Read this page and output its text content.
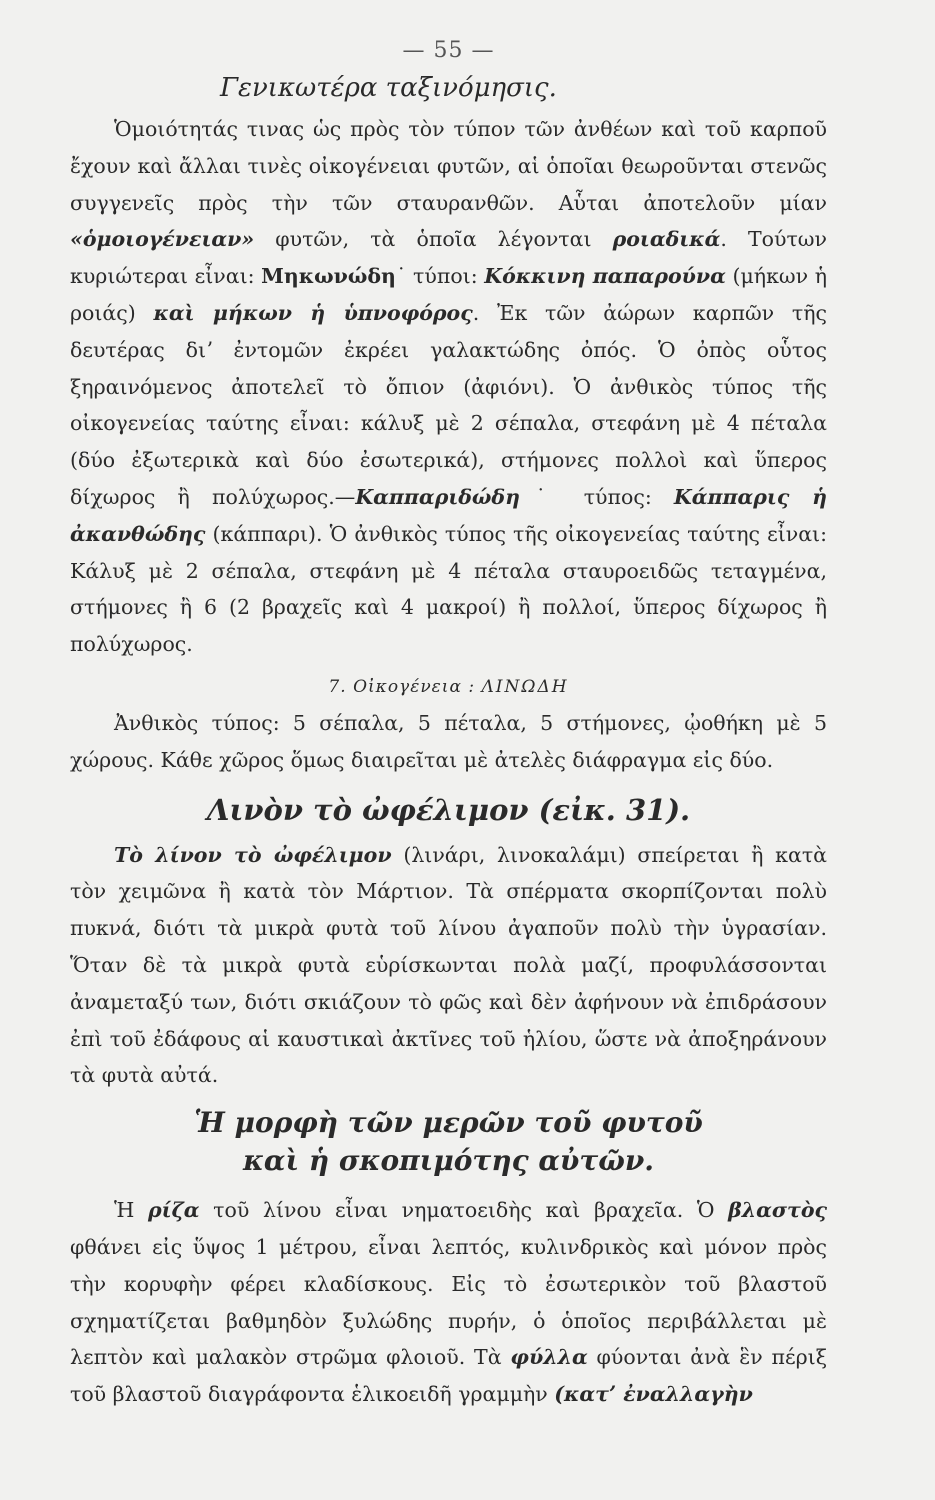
— 55 —
Γενικωτέρα ταξινόμησις.

Ὁμοιότητάς τινας ὡς πρὸς τὸν τύπον τῶν ἀνθέων καὶ τοῦ καρποῦ ἔχουν καὶ ἄλλαι τινὲς οἰκογένειαι φυτῶν, αἱ ὁποῖαι θεωροῦνται στενῶς συγγενεῖς πρὸς τὴν τῶν σταυρανθῶν. Αὗται ἀποτελοῦν μίαν «ὁμοιογένειαν» φυτῶν, τὰ ὁποῖα λέγονται ροιαδικά. Τούτων κυριώτεραι εἶναι: Μηκωνώδη˙ τύποι: Κόκκινη παπαρούνα (μήκων ἡ ροιάς) καὶ μήκων ἡ ὑπνοφόρος. Ἐκ τῶν ἀώρων καρπῶν τῆς δευτέρας διʼ ἐντομῶν ἐκρέει γαλακτώδης ὀπός. Ὁ ὀπὸς οὗτος ξηραινόμενος ἀποτελεῖ τὸ ὄπιον (ἀφιόνι). Ὁ ἀνθικὸς τύπος τῆς οἰκογενείας ταύτης εἶναι: κάλυξ μὲ 2 σέπαλα, στεφάνη μὲ 4 πέταλα (δύο ἐξωτερικὰ καὶ δύο ἐσωτερικά), στήμονες πολλοὶ καὶ ὕπερος δίχωρος ἢ πολύχωρος.—Καππαριδώδη˙ τύπος: Κάππαρις ἡ ἀκανθώδης (κάππαρι). Ὁ ἀνθικὸς τύπος τῆς οἰκογενείας ταύτης εἶναι: Κάλυξ μὲ 2 σέπαλα, στεφάνη μὲ 4 πέταλα σταυροειδῶς τεταγμένα, στήμονες ἢ 6 (2 βραχεῖς καὶ 4 μακροί) ἢ πολλοί, ὕπερος δίχωρος ἢ πολύχωρος.

7. Οἰκογένεια : ΛΙΝΩΔΗ

Ἀνθικὸς τύπος: 5 σέπαλα, 5 πέταλα, 5 στήμονες, ᾠοθήκη μὲ 5 χώρους. Κάθε χῶρος ὅμως διαιρεῖται μὲ ἀτελὲς διάφραγμα εἰς δύο.

Λινὸν τὸ ὠφέλιμον (εἰκ. 31).

Τὸ λίνον τὸ ὠφέλιμον (λινάρι, λινοκαλάμι) σπείρεται ἢ κατὰ τὸν χειμῶνα ἢ κατὰ τὸν Μάρτιον. Τὰ σπέρματα σκορπίζονται πολὺ πυκνά, διότι τὰ μικρὰ φυτὰ τοῦ λίνου ἀγαποῦν πολὺ τὴν ὑγρασίαν. Ὅταν δὲ τὰ μικρὰ φυτὰ εὑρίσκωνται πολὰ μαζί, προφυλάσσονται ἀναμεταξύ των, διότι σκιάζουν τὸ φῶς καὶ δὲν ἀφήνουν νὰ ἐπιδράσουν ἐπὶ τοῦ ἐδάφους αἱ καυστικαὶ ἀκτῖνες τοῦ ἡλίου, ὥστε νὰ ἀποξηράνουν τὰ φυτὰ αὐτά.

Ἡ μορφὴ τῶν μερῶν τοῦ φυτοῦ
καὶ ἡ σκοπιμότης αὐτῶν.

Ἡ ρίζα τοῦ λίνου εἶναι νηματοειδὴς καὶ βραχεῖα. Ὁ βλαστὸς φθάνει εἰς ὕψος 1 μέτρου, εἶναι λεπτός, κυλινδρικὸς καὶ μόνον πρὸς τὴν κορυφὴν φέρει κλαδίσκους. Εἰς τὸ ἐσωτερικὸν τοῦ βλαστοῦ σχηματίζεται βαθμηδὸν ξυλώδης πυρήν, ὁ ὁποῖος περιβάλλεται μὲ λεπτὸν καὶ μαλακὸν στρῶμα φλοιοῦ. Τὰ φύλλα φύονται ἀνὰ ἓν πέριξ τοῦ βλαστοῦ διαγράφοντα ἑλικοειδῆ γραμμὴν (κατʼ ἐναλλαγὴν
